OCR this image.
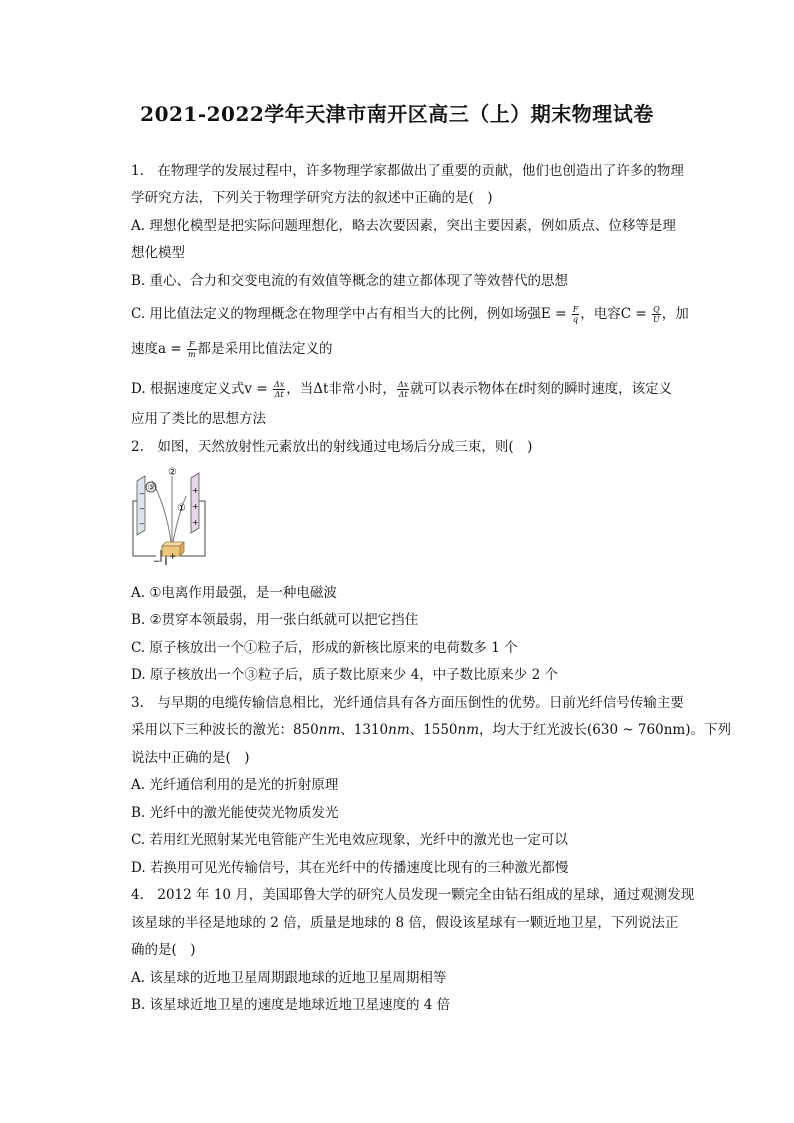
2021-2022学年天津市南开区高三（上）期末物理试卷
1.　在物理学的发展过程中，许多物理学家都做出了重要的贡献，他们也创造出了许多的物理
学研究方法，下列关于物理学研究方法的叙述中正确的是(　)
A. 理想化模型是把实际问题理想化，略去次要因素，突出主要因素，例如质点、位移等是理
想化模型
B. 重心、合力和交变电流的有效值等概念的建立都体现了等效替代的思想
C. 用比值法定义的物理概念在物理学中占有相当大的比例，例如场强$E = \frac{F}{q}$ ，电容$C = \frac{Q}{U}$ ，加
速度$a = \frac{F}{m}$ 都是采用比值法定义的
D. 根据速度定义式$v = \frac{\Delta x}{\Delta t}$ ，当Δt非常小时， $\frac{\Delta x}{\Delta t}$ 就可以表示物体在t时刻的瞬时速度，该定义
应用了类比的思想方法
2.　如图，天然放射性元素放出的射线通过电场后分成三束，则(　)
−
−
−
+
+
+
③
②
①
− +
A. ①电离作用最强，是一种电磁波
B. ②贯穿本领最弱，用一张白纸就可以把它挡住
C. 原子核放出一个①粒子后，形成的新核比原来的电荷数多 1 个
D. 原子核放出一个③粒子后，质子数比原来少 4，中子数比原来少 2 个
3.　与早期的电缆传输信息相比，光纤通信具有各方面压倒性的优势。日前光纤信号传输主要
采用以下三种波长的激光：850nm、1310nm、1550nm，均大于红光波长(630 ~ 760nm)。下列
说法中正确的是(　)
A. 光纤通信利用的是光的折射原理
B. 光纤中的激光能使荧光物质发光
C. 若用红光照射某光电管能产生光电效应现象，光纤中的激光也一定可以
D. 若换用可见光传输信号，其在光纤中的传播速度比现有的三种激光都慢
4.　2012 年 10 月，美国耶鲁大学的研究人员发现一颗完全由钻石组成的星球，通过观测发现
该星球的半径是地球的 2 倍，质量是地球的 8 倍，假设该星球有一颗近地卫星，下列说法正
确的是(　)
A. 该星球的近地卫星周期跟地球的近地卫星周期相等
B. 该星球近地卫星的速度是地球近地卫星速度的 4 倍
